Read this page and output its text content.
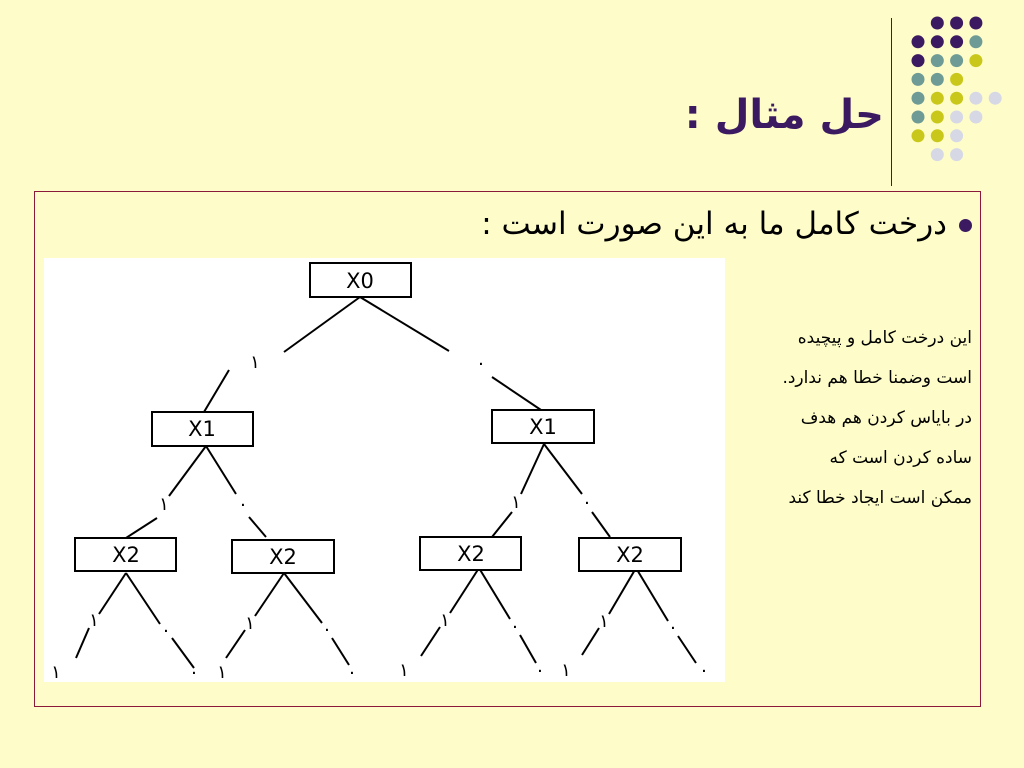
حل مثال :
درخت کامل ما به این صورت است :
X0
X1	X1
X2	X2	X2	X2
۱	٠
۱	٠	۱	٠
۱	٠	۱	٠	۱	٠	۱	٠
۱	٠ ۱	٠ ۱	٠ ۱	٠
این درخت کامل و پیچیده
است وضمنا خطا هم ندارد.
در بایاس کردن هم هدف
ساده کردن است که
ممکن است ایجاد خطا کند
